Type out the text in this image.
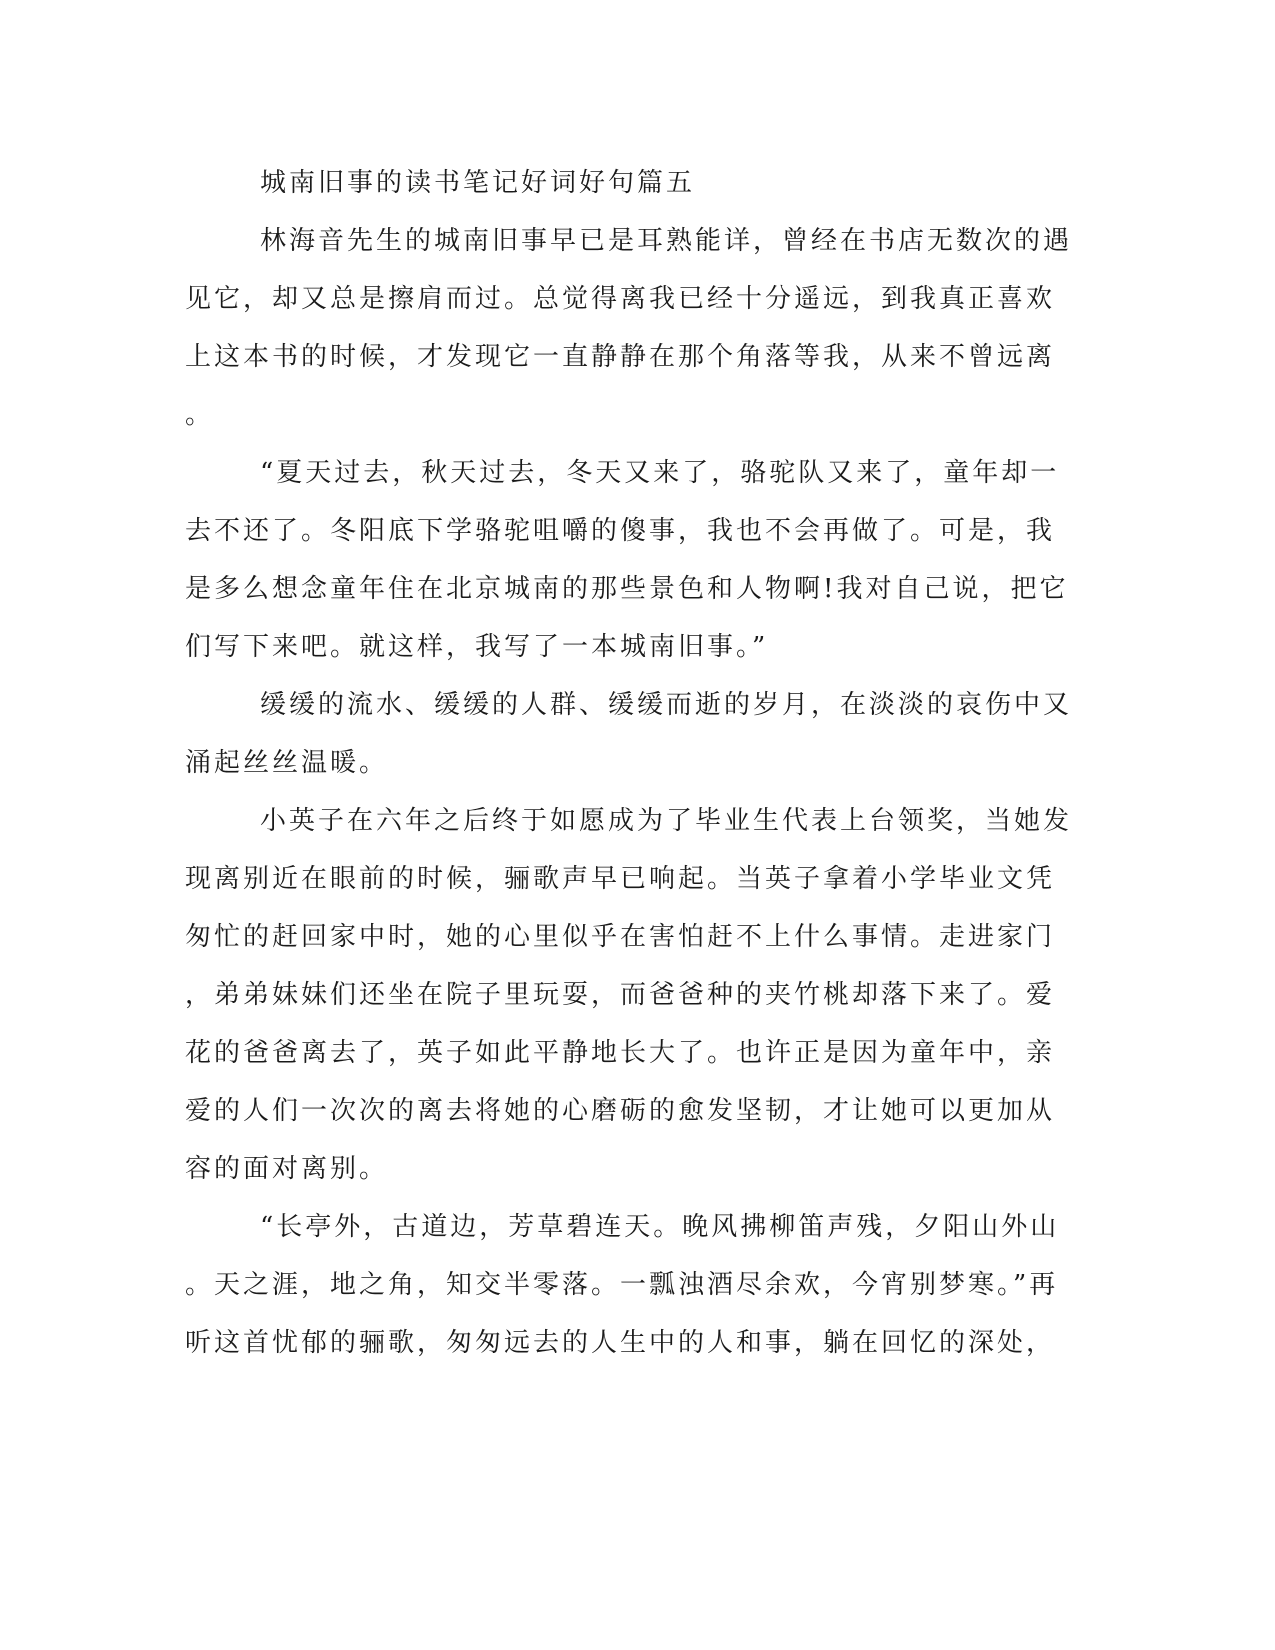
城南旧事的读书笔记好词好句篇五
林海音先生的城南旧事早已是耳熟能详，曾经在书店无数次的遇
见它，却又总是擦肩而过。总觉得离我已经十分遥远，到我真正喜欢
上这本书的时候，才发现它一直静静在那个角落等我，从来不曾远离
。
“夏天过去，秋天过去，冬天又来了，骆驼队又来了，童年却一
去不还了。冬阳底下学骆驼咀嚼的傻事，我也不会再做了。可是，我
是多么想念童年住在北京城南的那些景色和人物啊!我对自己说，把它
们写下来吧。就这样，我写了一本城南旧事。”
缓缓的流水、缓缓的人群、缓缓而逝的岁月，在淡淡的哀伤中又
涌起丝丝温暖。
小英子在六年之后终于如愿成为了毕业生代表上台领奖，当她发
现离别近在眼前的时候，骊歌声早已响起。当英子拿着小学毕业文凭
匆忙的赶回家中时，她的心里似乎在害怕赶不上什么事情。走进家门
，弟弟妹妹们还坐在院子里玩耍，而爸爸种的夹竹桃却落下来了。爱
花的爸爸离去了，英子如此平静地长大了。也许正是因为童年中，亲
爱的人们一次次的离去将她的心磨砺的愈发坚韧，才让她可以更加从
容的面对离别。
“长亭外，古道边，芳草碧连天。晚风拂柳笛声残，夕阳山外山
。天之涯，地之角，知交半零落。一瓢浊酒尽余欢，今宵别梦寒。”再
听这首忧郁的骊歌，匆匆远去的人生中的人和事，躺在回忆的深处，
